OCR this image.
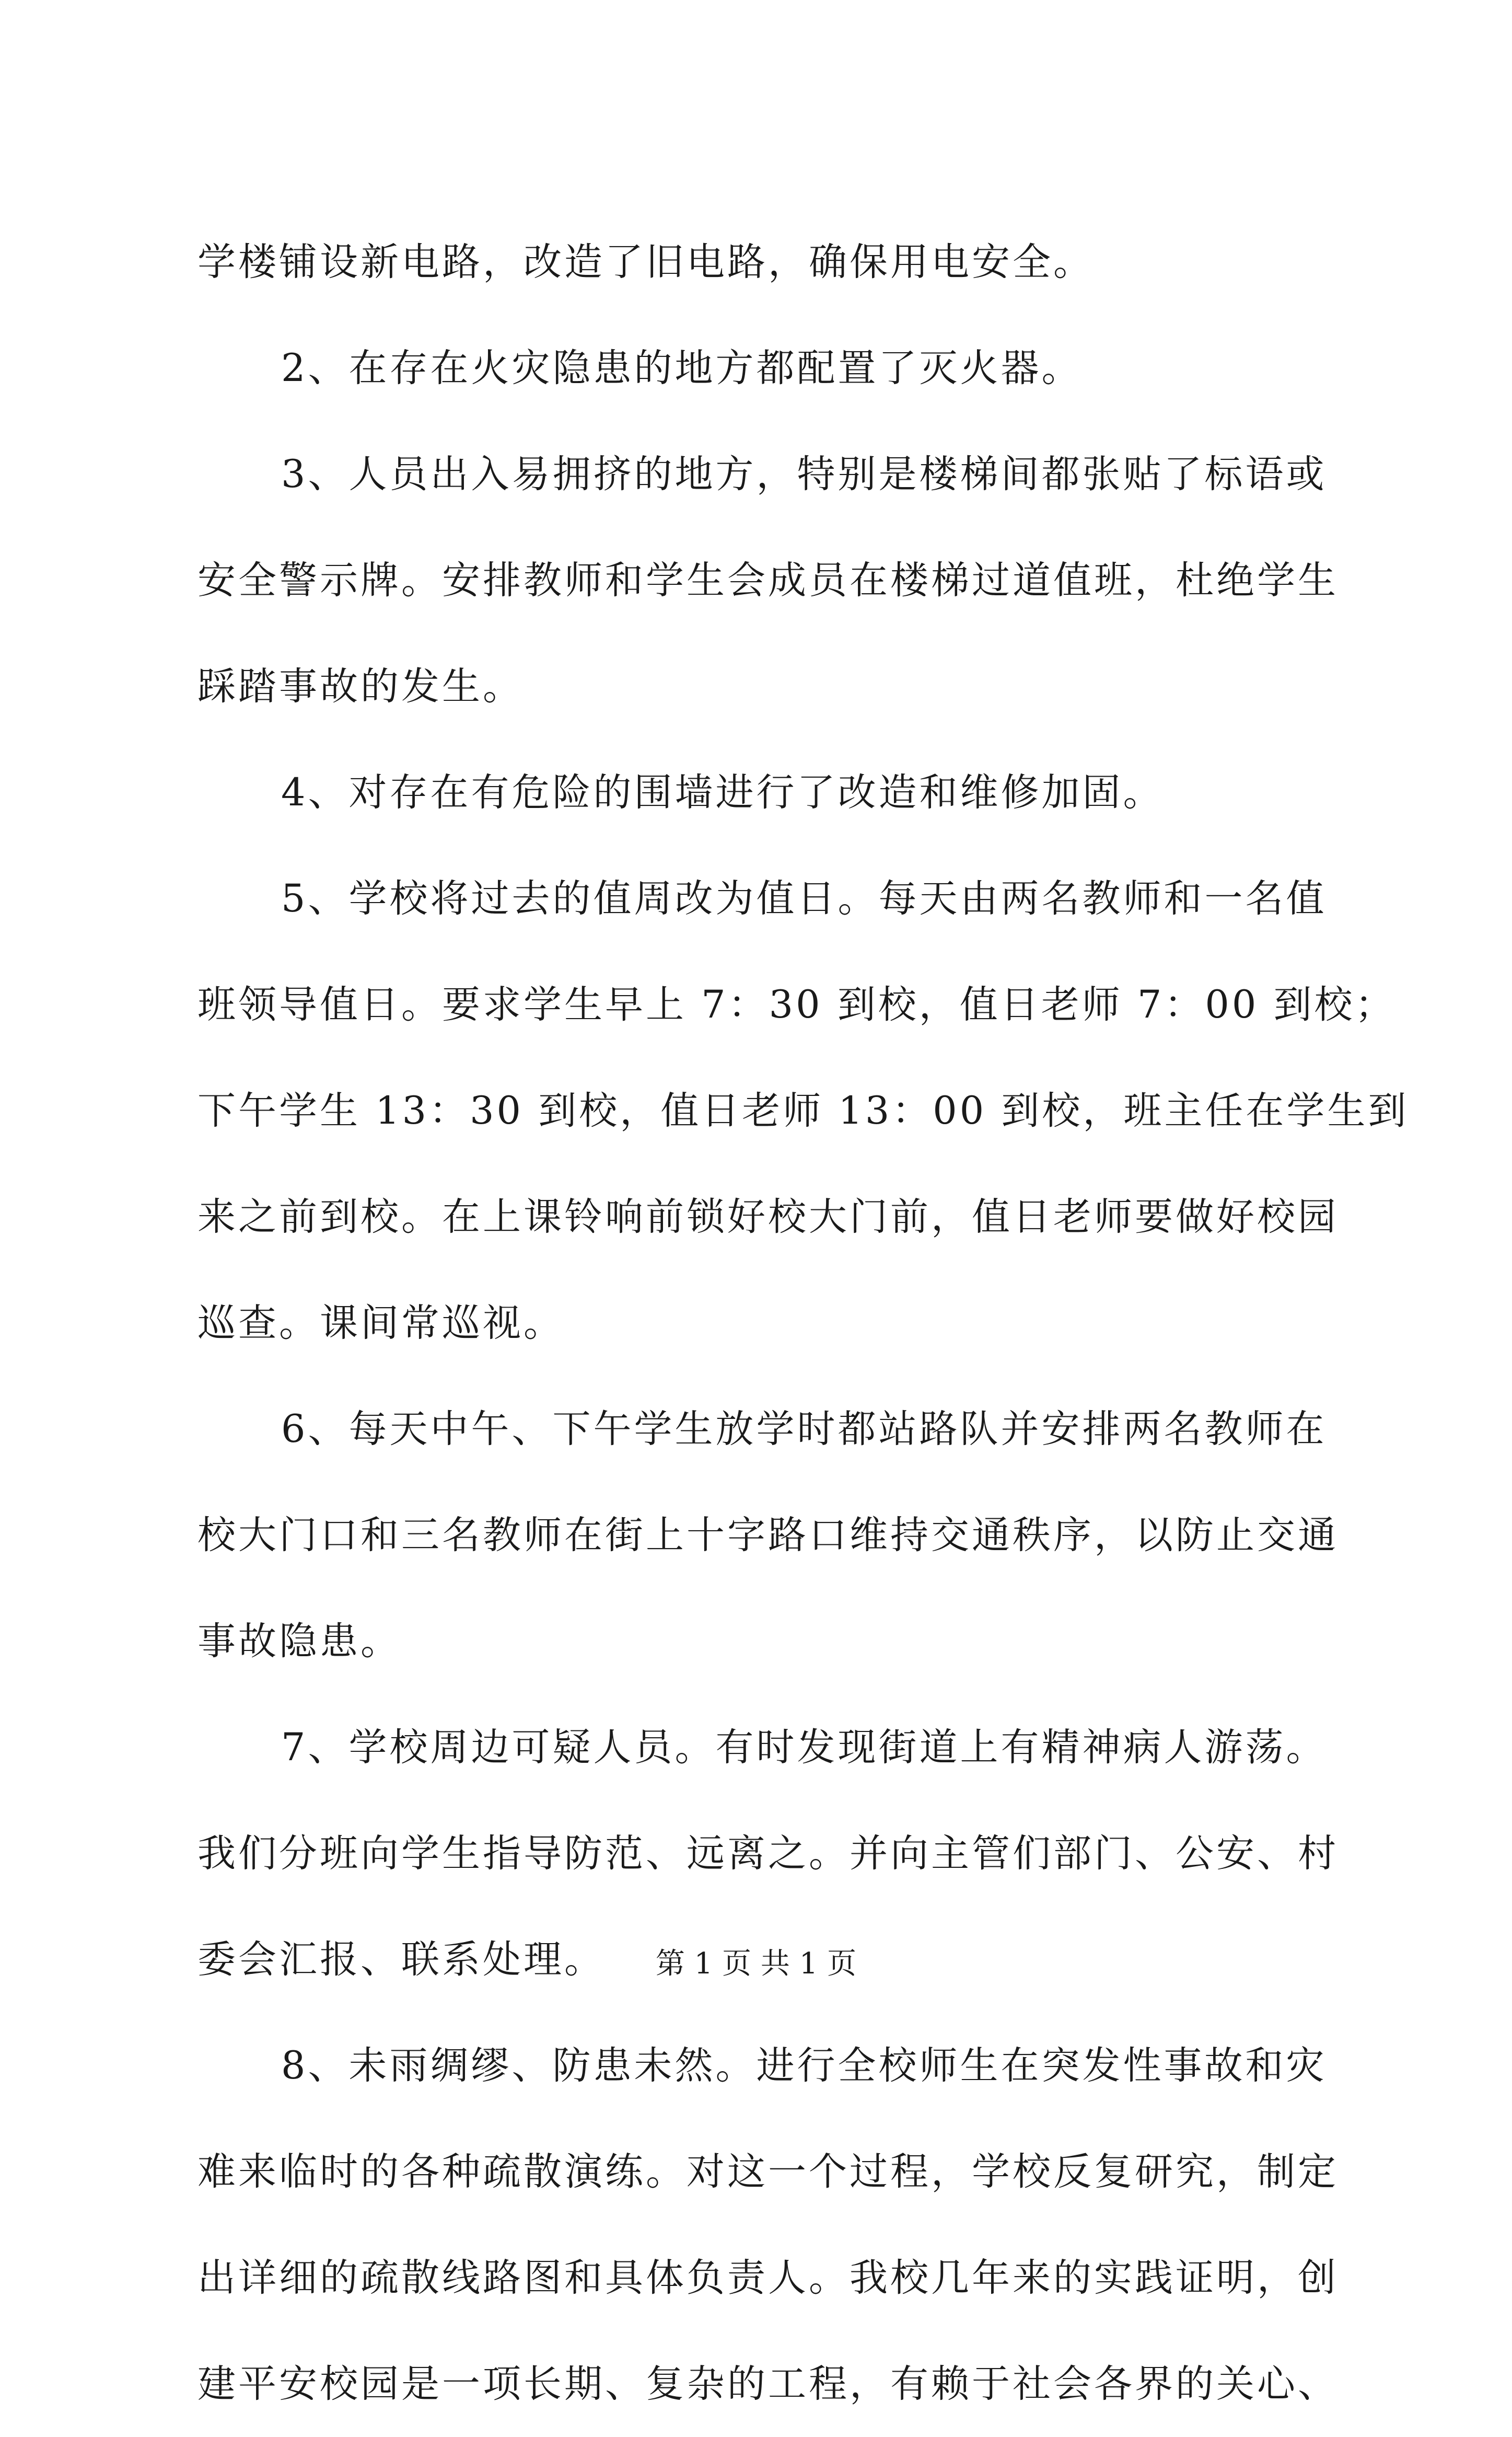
学楼铺设新电路，改造了旧电路，确保用电安全。
2、在存在火灾隐患的地方都配置了灭火器。
3、人员出入易拥挤的地方，特别是楼梯间都张贴了标语或
安全警示牌。安排教师和学生会成员在楼梯过道值班，杜绝学生
踩踏事故的发生。
4、对存在有危险的围墙进行了改造和维修加固。
5、学校将过去的值周改为值日。每天由两名教师和一名值
班领导值日。要求学生早上 7：30 到校，值日老师 7：00 到校；
下午学生 13：30 到校，值日老师 13：00 到校，班主任在学生到
来之前到校。在上课铃响前锁好校大门前，值日老师要做好校园
巡查。课间常巡视。
6、每天中午、下午学生放学时都站路队并安排两名教师在
校大门口和三名教师在街上十字路口维持交通秩序，以防止交通
事故隐患。
7、学校周边可疑人员。有时发现街道上有精神病人游荡。
我们分班向学生指导防范、远离之。并向主管们部门、公安、村
委会汇报、联系处理。
8、未雨绸缪、防患未然。进行全校师生在突发性事故和灾
难来临时的各种疏散演练。对这一个过程，学校反复研究，制定
出详细的疏散线路图和具体负责人。我校几年来的实践证明，创
建平安校园是一项长期、复杂的工程，有赖于社会各界的关心、
第 1 页 共 1 页
